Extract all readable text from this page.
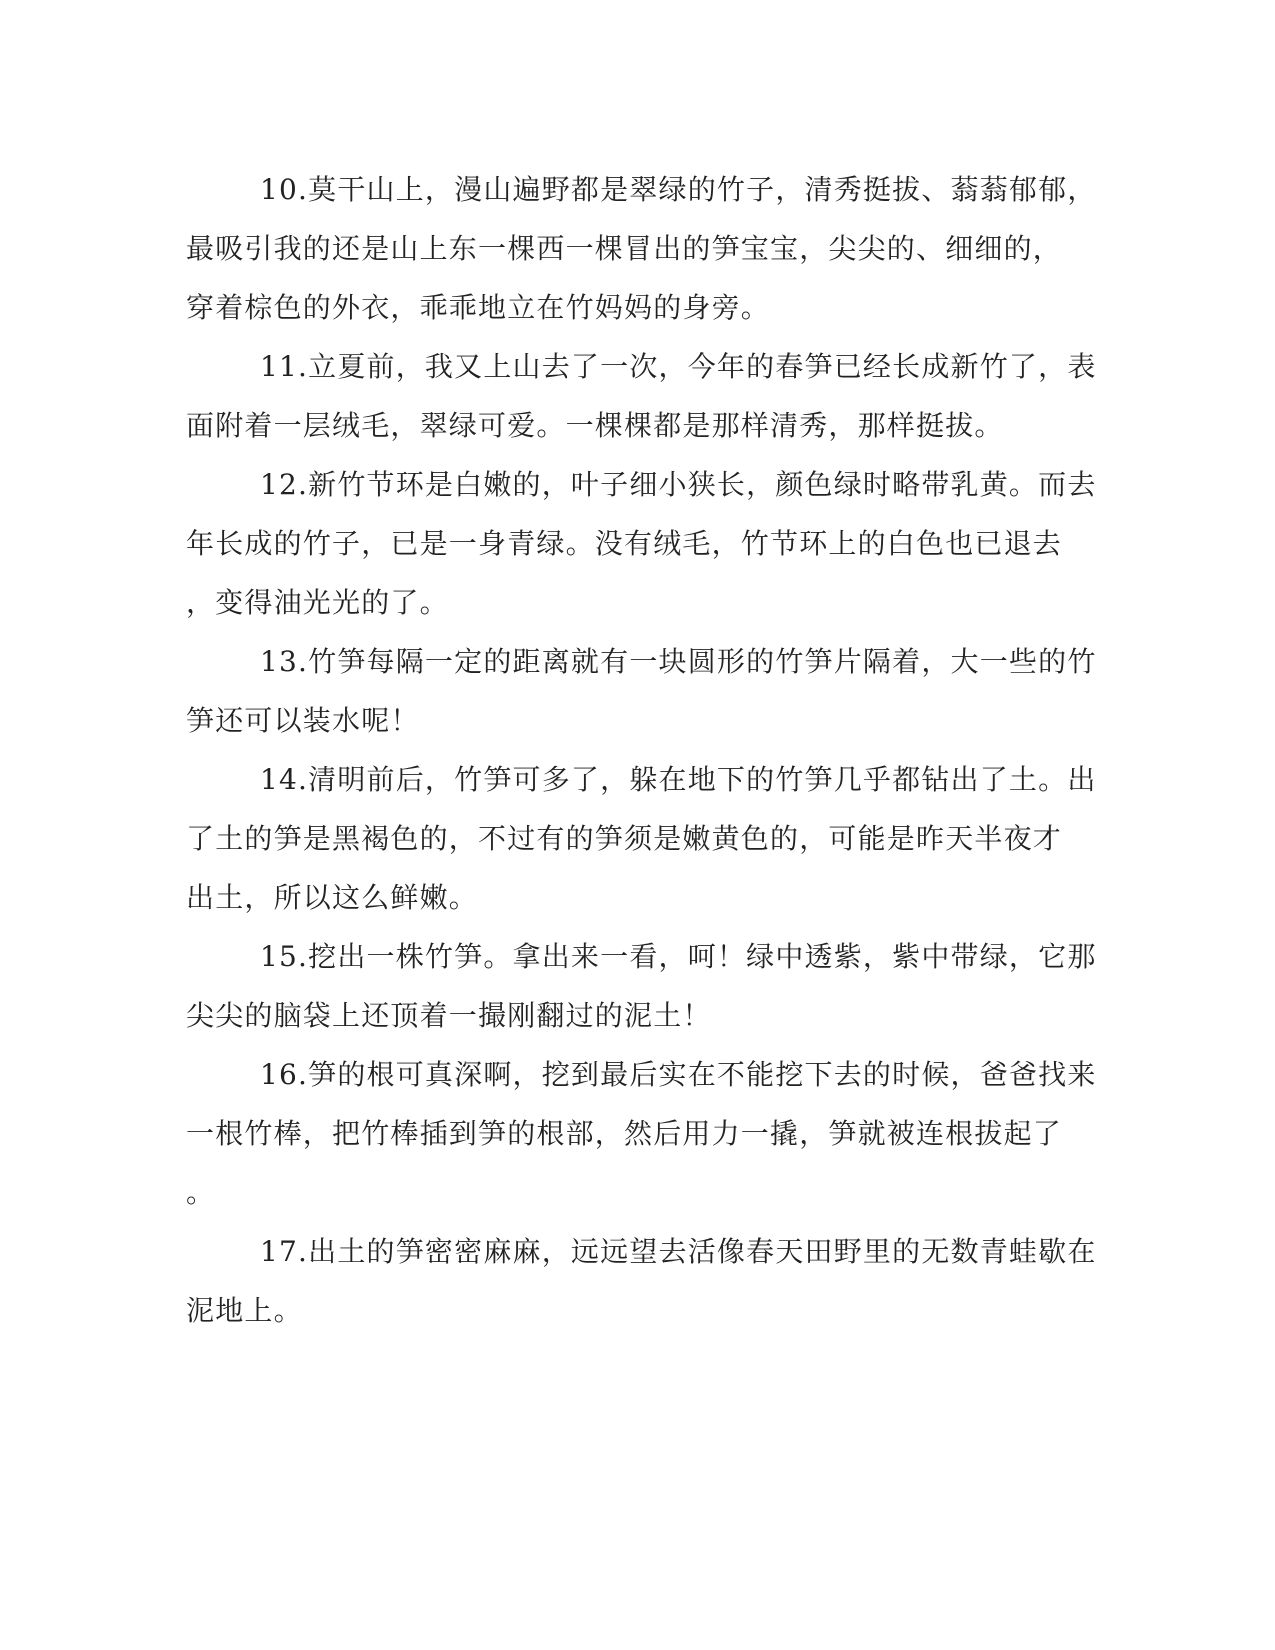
10.莫干山上，漫山遍野都是翠绿的竹子，清秀挺拔、蓊蓊郁郁，
最吸引我的还是山上东一棵西一棵冒出的笋宝宝，尖尖的、细细的，
穿着棕色的外衣，乖乖地立在竹妈妈的身旁。
11.立夏前，我又上山去了一次，今年的春笋已经长成新竹了，表
面附着一层绒毛，翠绿可爱。一棵棵都是那样清秀，那样挺拔。
12.新竹节环是白嫩的，叶子细小狭长，颜色绿时略带乳黄。而去
年长成的竹子，已是一身青绿。没有绒毛，竹节环上的白色也已退去
，变得油光光的了。
13.竹笋每隔一定的距离就有一块圆形的竹笋片隔着，大一些的竹
笋还可以装水呢！
14.清明前后，竹笋可多了，躲在地下的竹笋几乎都钻出了土。出
了土的笋是黑褐色的，不过有的笋须是嫩黄色的，可能是昨天半夜才
出土，所以这么鲜嫩。
15.挖出一株竹笋。拿出来一看，呵！绿中透紫，紫中带绿，它那
尖尖的脑袋上还顶着一撮刚翻过的泥土！
16.笋的根可真深啊，挖到最后实在不能挖下去的时候，爸爸找来
一根竹棒，把竹棒插到笋的根部，然后用力一撬，笋就被连根拔起了
。
17.出土的笋密密麻麻，远远望去活像春天田野里的无数青蛙歇在
泥地上。
